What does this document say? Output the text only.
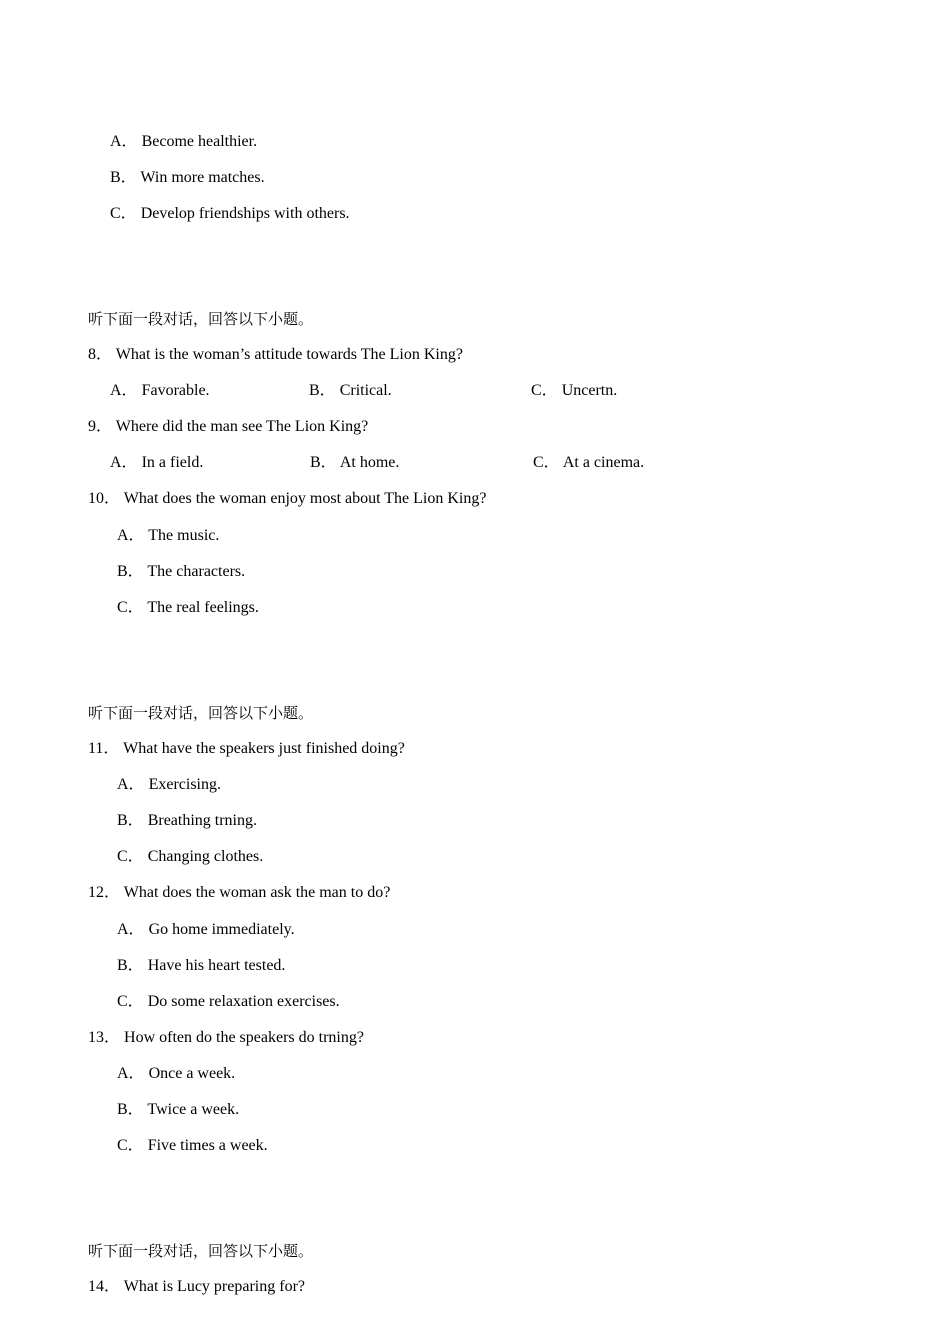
A． Become healthier.
B． Win more matches.
C． Develop friendships with others.
听下面一段对话，回答以下小题。
8． What is the woman’s attitude towards The Lion King?
A． Favorable.	B． Critical.	C． Uncertn.
9． Where did the man see The Lion King?
A． In a field.	B． At home.	C． At a cinema.
10． What does the woman enjoy most about The Lion King?
A． The music.
B． The characters.
C． The real feelings.
听下面一段对话，回答以下小题。
11． What have the speakers just finished doing?
A． Exercising.
B． Breathing trning.
C． Changing clothes.
12． What does the woman ask the man to do?
A． Go home immediately.
B． Have his heart tested.
C． Do some relaxation exercises.
13． How often do the speakers do trning?
A． Once a week.
B． Twice a week.
C． Five times a week.
听下面一段对话，回答以下小题。
14． What is Lucy preparing for?
